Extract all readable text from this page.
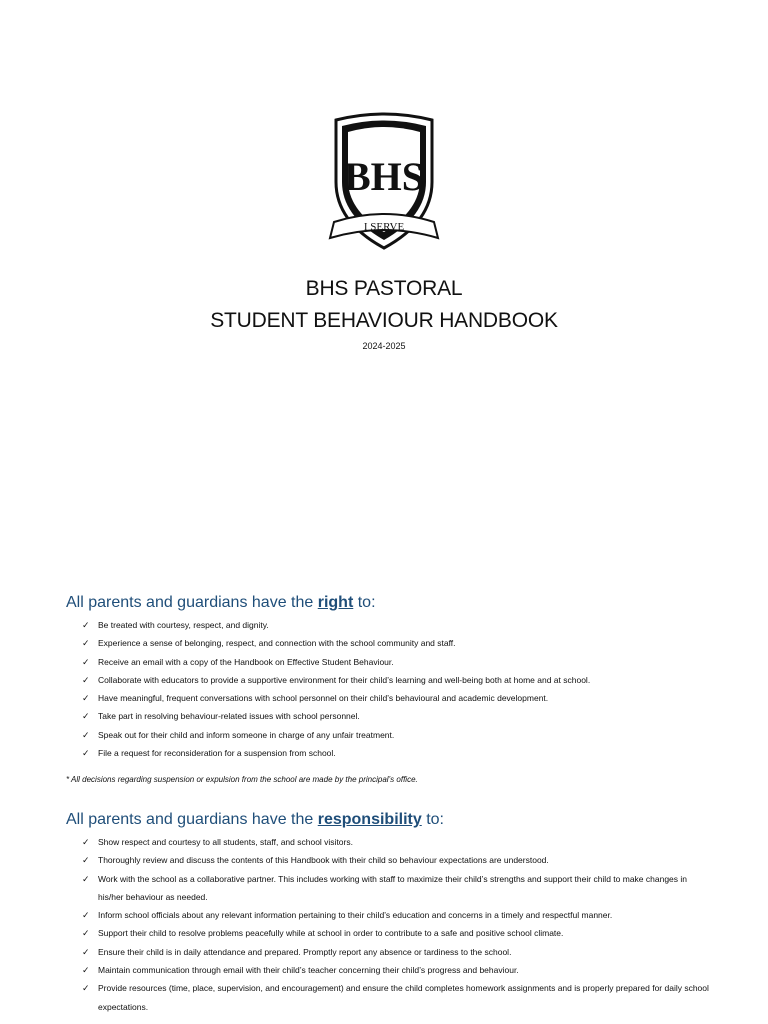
BHS
I SERVE
BHS PASTORAL
STUDENT BEHAVIOUR HANDBOOK
2024-2025
All parents and guardians have the right to:
✓ Be treated with courtesy, respect, and dignity.
✓ Experience a sense of belonging, respect, and connection with the school community and staff.
✓ Receive an email with a copy of the Handbook on Effective Student Behaviour.
✓ Collaborate with educators to provide a supportive environment for their child’s learning and well-being both at home and at school.
✓ Have meaningful, frequent conversations with school personnel on their child’s behavioural and academic development.
✓ Take part in resolving behaviour-related issues with school personnel.
✓ Speak out for their child and inform someone in charge of any unfair treatment.
✓ File a request for reconsideration for a suspension from school.
* All decisions regarding suspension or expulsion from the school are made by the principal’s office.
All parents and guardians have the responsibility to:
✓ Show respect and courtesy to all students, staff, and school visitors.
✓ Thoroughly review and discuss the contents of this Handbook with their child so behaviour expectations are understood.
✓ Work with the school as a collaborative partner. This includes working with staff to maximize their child’s strengths and support their child to make changes in his/her behaviour as needed.
✓ Inform school officials about any relevant information pertaining to their child’s education and concerns in a timely and respectful manner.
✓ Support their child to resolve problems peacefully while at school in order to contribute to a safe and positive school climate.
✓ Ensure their child is in daily attendance and prepared. Promptly report any absence or tardiness to the school.
✓ Maintain communication through email with their child’s teacher concerning their child’s progress and behaviour.
✓ Provide resources (time, place, supervision, and encouragement) and ensure the child completes homework assignments and is properly prepared for daily school expectations.
